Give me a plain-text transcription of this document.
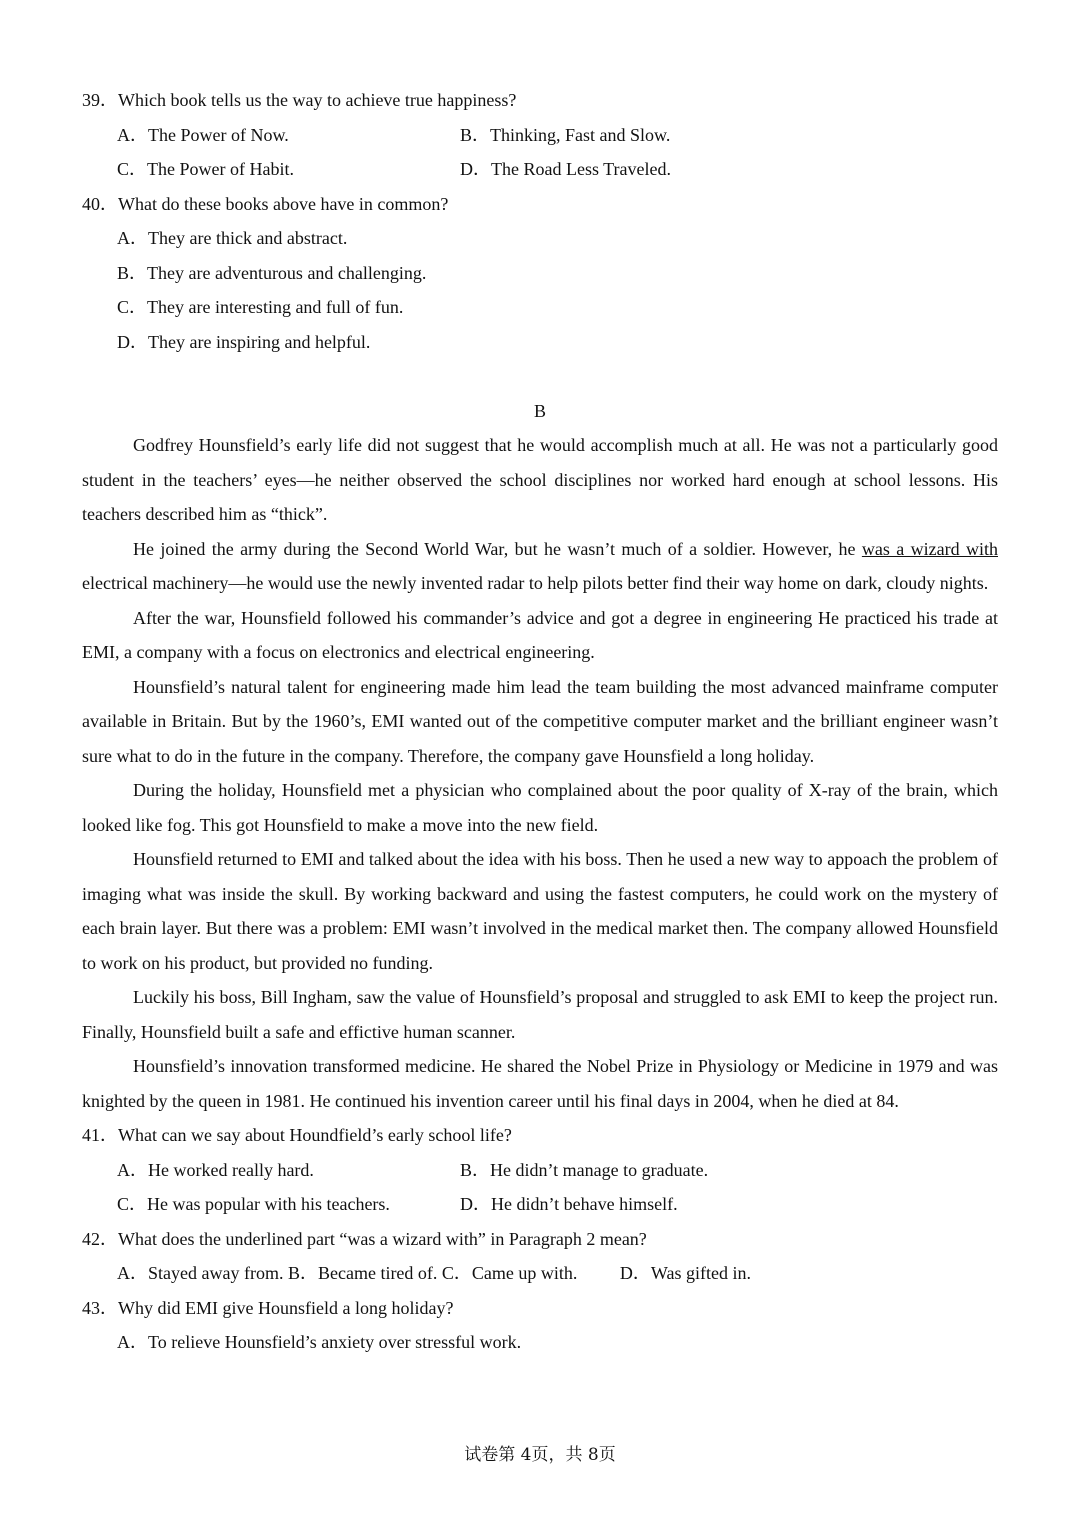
39．Which book tells us the way to achieve true happiness?

A．The Power of Now.	B．Thinking, Fast and Slow.
C．The Power of Habit.	D．The Road Less Traveled.

40．What do these books above have in common?

A．They are thick and abstract.

B．They are adventurous and challenging.

C．They are interesting and full of fun.

D．They are inspiring and helpful.

B

Godfrey Hounsfield’s early life did not suggest that he would accomplish much at all. He was not a particularly good student in the teachers’ eyes—he neither observed the school disciplines nor worked hard enough at school lessons. His teachers described him as “thick”.

He joined the army during the Second World War, but he wasn’t much of a soldier. However, he was a wizard with electrical machinery—he would use the newly invented radar to help pilots better find their way home on dark, cloudy nights.

After the war, Hounsfield followed his commander’s advice and got a degree in engineering He practiced his trade at EMI, a company with a focus on electronics and electrical engineering.

Hounsfield’s natural talent for engineering made him lead the team building the most advanced mainframe computer available in Britain. But by the 1960’s, EMI wanted out of the competitive computer market and the brilliant engineer wasn’t sure what to do in the future in the company. Therefore, the company gave Hounsfield a long holiday.

During the holiday, Hounsfield met a physician who complained about the poor quality of X-ray of the brain, which looked like fog. This got Hounsfield to make a move into the new field.

Hounsfield returned to EMI and talked about the idea with his boss. Then he used a new way to appoach the problem of imaging what was inside the skull. By working backward and using the fastest computers, he could work on the mystery of each brain layer. But there was a problem: EMI wasn’t involved in the medical market then. The company allowed Hounsfield to work on his product, but provided no funding.

Luckily his boss, Bill Ingham, saw the value of Hounsfield’s proposal and struggled to ask EMI to keep the project run. Finally, Hounsfield built a safe and effictive human scanner.

Hounsfield’s innovation transformed medicine. He shared the Nobel Prize in Physiology or Medicine in 1979 and was knighted by the queen in 1981. He continued his invention career until his final days in 2004, when he died at 84.

41．What can we say about Houndfield’s early school life?

A．He worked really hard.	B．He didn’t manage to graduate.
C．He was popular with his teachers.	D．He didn’t behave himself.

42．What does the underlined part “was a wizard with” in Paragraph 2 mean?

A．Stayed away from. B．Became tired of. C．Came up with. D．Was gifted in.

43．Why did EMI give Hounsfield a long holiday?

A．To relieve Hounsfield’s anxiety over stressful work.

试卷第 4页，共 8页
